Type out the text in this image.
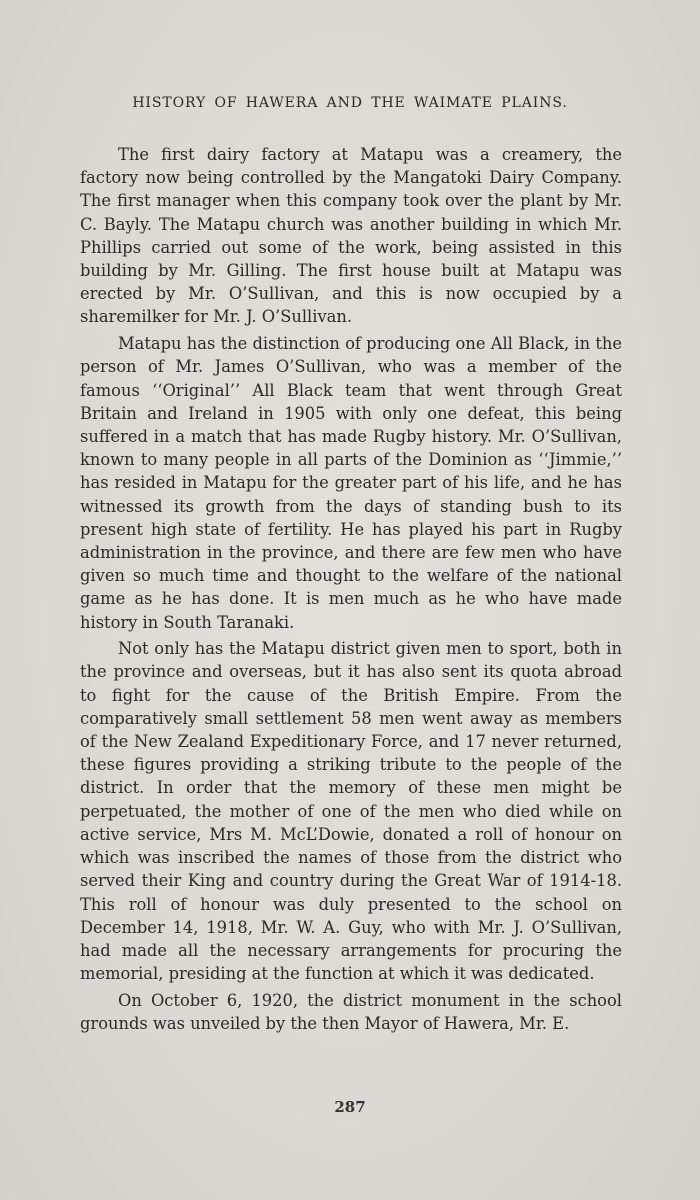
HISTORY OF HAWERA AND THE WAIMATE PLAINS.

The first dairy factory at Matapu was a creamery, the factory now being controlled by the Mangatoki Dairy Company. The first manager when this company took over the plant by Mr. C. Bayly. The Matapu church was another building in which Mr. Phillips carried out some of the work, being assisted in this building by Mr. Gilling. The first house built at Matapu was erected by Mr. O’Sullivan, and this is now occupied by a sharemilker for Mr. J. O’Sullivan.

Matapu has the distinction of producing one All Black, in the person of Mr. James O’Sullivan, who was a member of the famous ‘‘Original’’ All Black team that went through Great Britain and Ireland in 1905 with only one defeat, this being suffered in a match that has made Rugby history. Mr. O’Sullivan, known to many people in all parts of the Dominion as ‘‘Jimmie,’’ has resided in Matapu for the greater part of his life, and he has witnessed its growth from the days of standing bush to its present high state of fertility. He has played his part in Rugby administration in the province, and there are few men who have given so much time and thought to the welfare of the national game as he has done. It is men much as he who have made history in South Taranaki.

Not only has the Matapu district given men to sport, both in the province and overseas, but it has also sent its quota abroad to fight for the cause of the British Empire. From the comparatively small settlement 58 men went away as members of the New Zealand Expeditionary Force, and 17 never returned, these figures providing a striking tribute to the people of the district. In order that the memory of these men might be perpetuated, the mother of one of the men who died while on active service, Mrs M. McL’Dowie, donated a roll of honour on which was inscribed the names of those from the district who served their King and country during the Great War of 1914-18. This roll of honour was duly presented to the school on December 14, 1918, Mr. W. A. Guy, who with Mr. J. O’Sullivan, had made all the necessary arrangements for procuring the memorial, presiding at the function at which it was dedicated.

On October 6, 1920, the district monument in the school grounds was unveiled by the then Mayor of Hawera, Mr. E.

287
